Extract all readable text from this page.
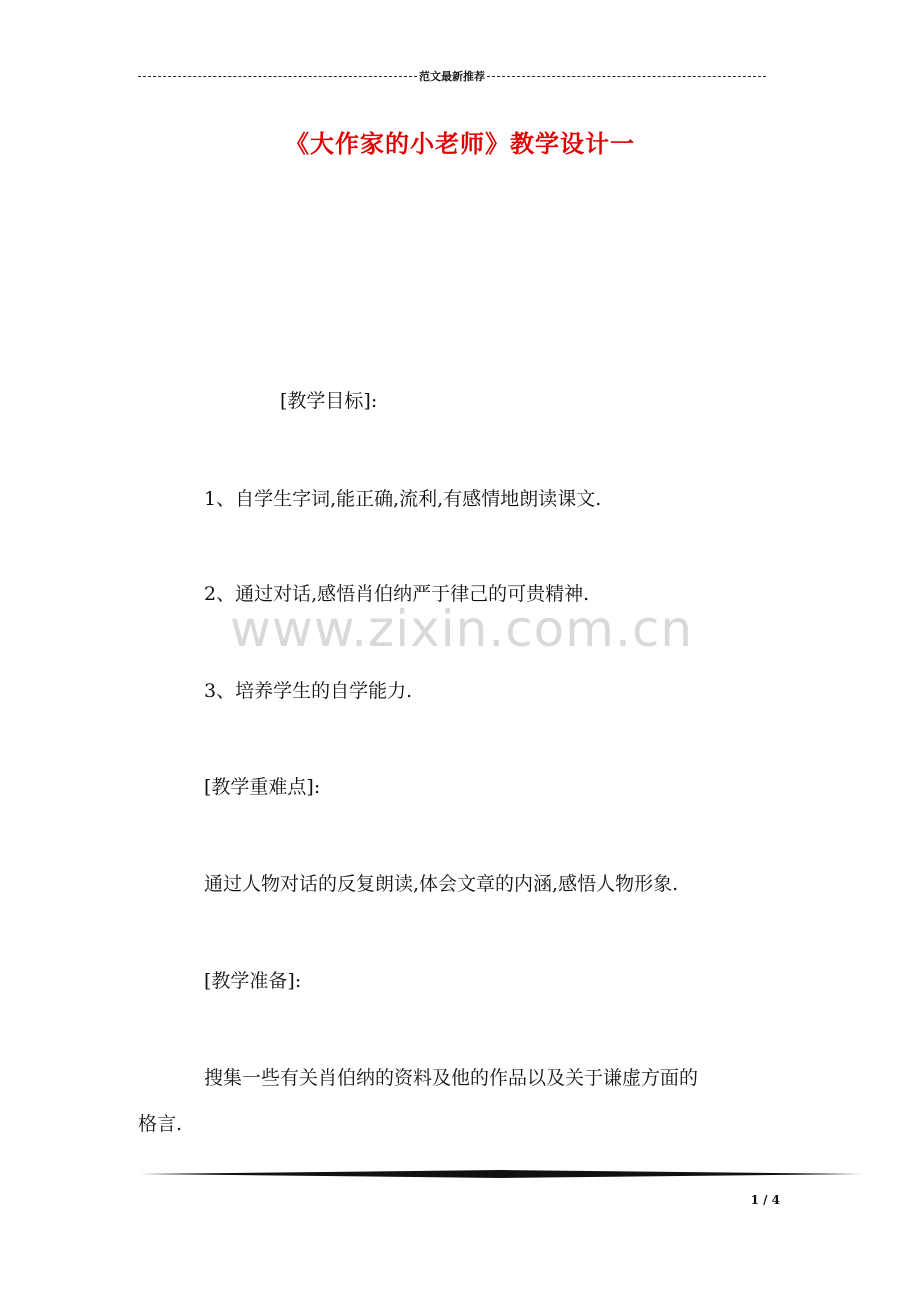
范文最新推荐
《大作家的小老师》教学设计一
www.zixin.com.cn
[教学目标]:
1、自学生字词,能正确,流利,有感情地朗读课文.
2、通过对话,感悟肖伯纳严于律己的可贵精神.
3、培养学生的自学能力.
[教学重难点]:
通过人物对话的反复朗读,体会文章的内涵,感悟人物形象.
[教学准备]:
搜集一些有关肖伯纳的资料及他的作品以及关于谦虚方面的
格言.
1 / 4
